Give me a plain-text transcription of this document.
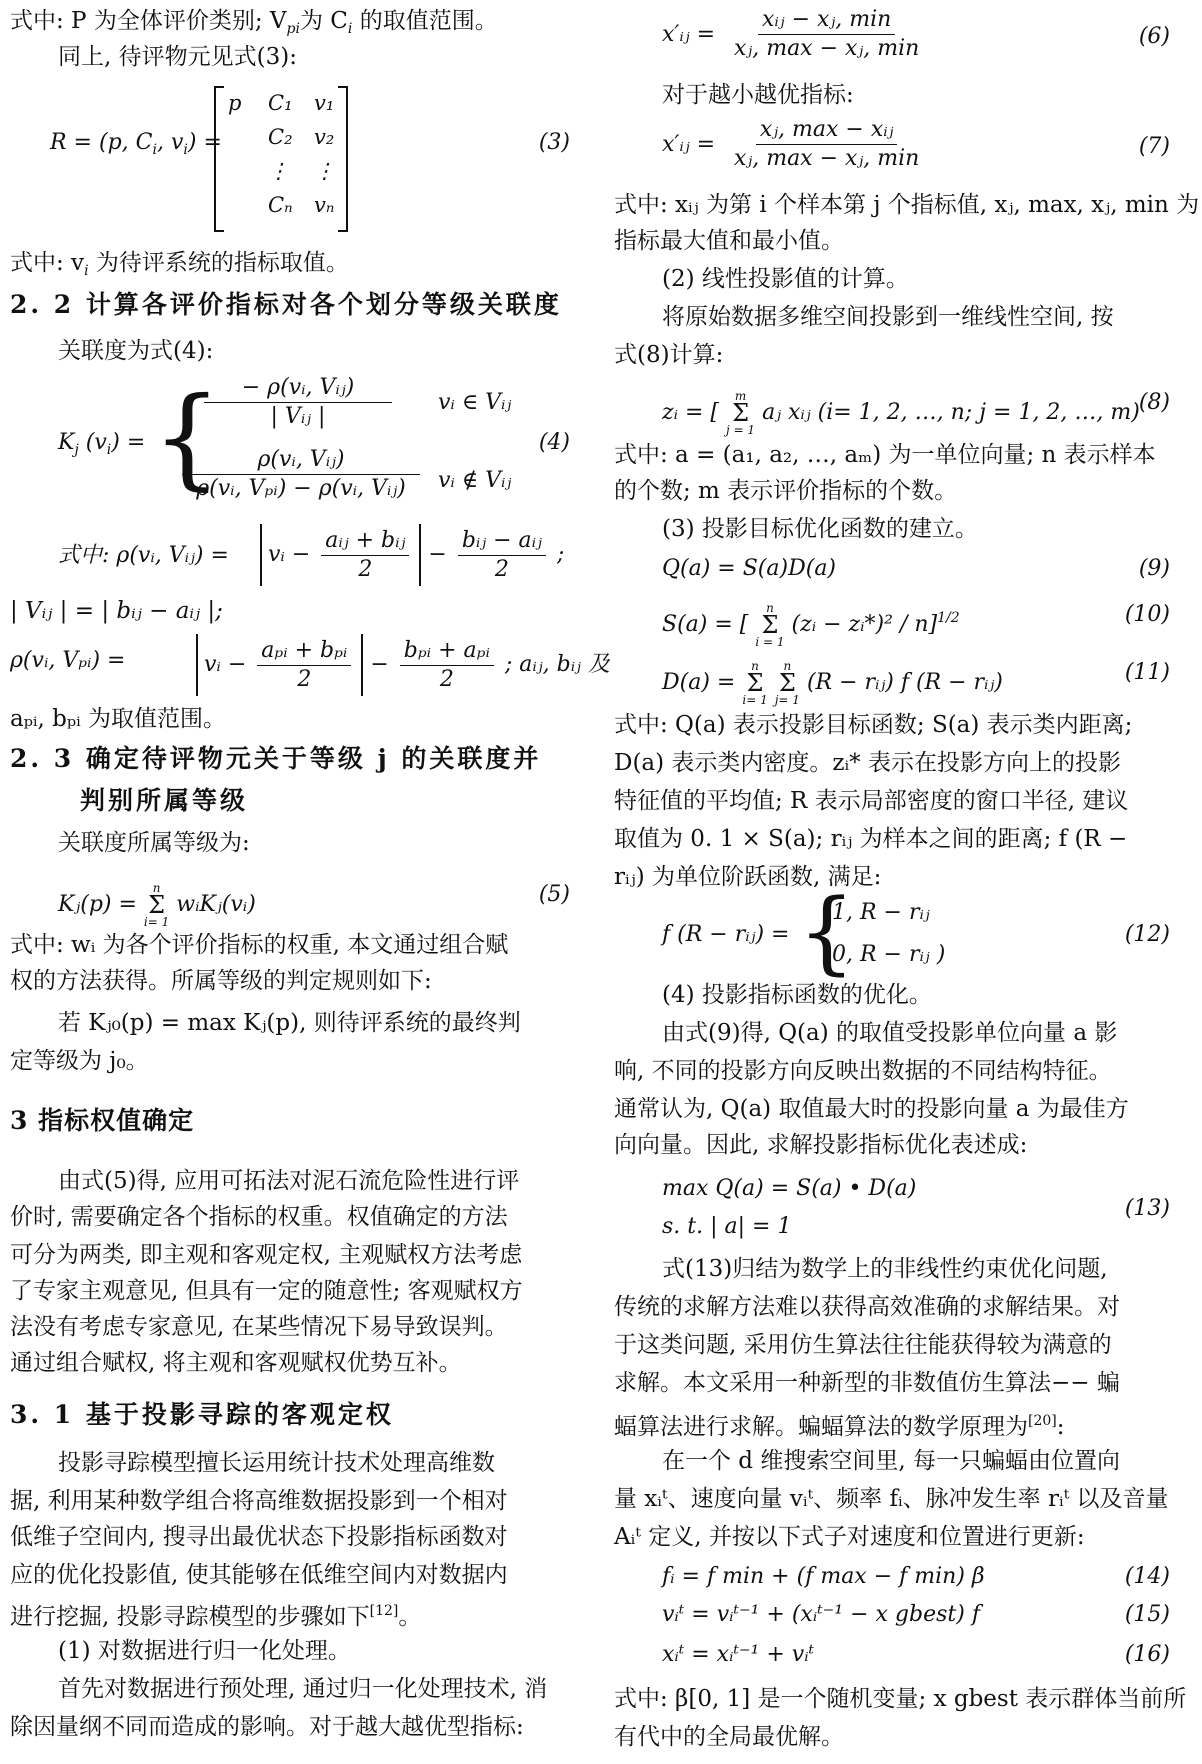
式中: P 为全体评价类别; $V_{pi}$为 $C_i$ 的取值范围。
同上, 待评物元见式(3):
R = (p, $C_i$, $v_i$) =	(3)
p	C₁	v₁
C₂	v₂
⋮	⋮
Cₙ	vₙ
式中: $v_i$ 为待评系统的指标取值。
2. 2 计算各评价指标对各个划分等级关联度
关联度为式(4):
$K_j$ $(v_i)$ = { − ρ(vᵢ, Vᵢⱼ)
| Vᵢⱼ |
vᵢ ∈ Vᵢⱼ
ρ(vᵢ, Vᵢⱼ)
ρ(vᵢ, Vₚᵢ) − ρ(vᵢ, Vᵢⱼ) vᵢ ∉ Vᵢⱼ
(4)
式中: ρ(vᵢ, Vᵢⱼ) =	vᵢ − $\frac{\text{aᵢⱼ + bᵢⱼ}}{2} - \frac{\text{bᵢⱼ − aᵢⱼ}}{2}$ ;
| Vᵢⱼ | = | bᵢⱼ − aᵢⱼ |;
ρ(vᵢ, Vₚᵢ) =	vᵢ − $\frac{\text{aₚᵢ + bₚᵢ}}{2} - \frac{\text{bₚᵢ + aₚᵢ}}{2}$ ; aᵢⱼ, bᵢⱼ 及
aₚᵢ, bₚᵢ 为取值范围。
2. 3 确定待评物元关于等级 j 的关联度并
判别所属等级
关联度所属等级为:
Kⱼ(p) =
n
Σ
i= 1
wᵢKⱼ(vᵢ)	(5)
式中: wᵢ 为各个评价指标的权重, 本文通过组合赋
权的方法获得。所属等级的判定规则如下:
若 Kⱼ₀(p) = max Kⱼ(p), 则待评系统的最终判
定等级为 j₀。
3 指标权值确定
由式(5)得, 应用可拓法对泥石流危险性进行评
价时, 需要确定各个指标的权重。权值确定的方法
可分为两类, 即主观和客观定权, 主观赋权方法考虑
了专家主观意见, 但具有一定的随意性; 客观赋权方
法没有考虑专家意见, 在某些情况下易导致误判。
通过组合赋权, 将主观和客观赋权优势互补。
3. 1 基于投影寻踪的客观定权
投影寻踪模型擅长运用统计技术处理高维数
据, 利用某种数学组合将高维数据投影到一个相对
低维子空间内, 搜寻出最优状态下投影指标函数对
应的优化投影值, 使其能够在低维空间内对数据内
进行挖掘, 投影寻踪模型的步骤如下[12]。
(1) 对数据进行归一化处理。
首先对数据进行预处理, 通过归一化处理技术, 消
除因量纲不同而造成的影响。对于越大越优型指标:
x′ᵢⱼ =
xᵢⱼ − xⱼ, min
xⱼ, max − xⱼ, min	(6)
对于越小越优指标:
x′ᵢⱼ =
xⱼ, max − xᵢⱼ
xⱼ, max − xⱼ, min	(7)
式中: xᵢⱼ 为第 i 个样本第 j 个指标值, xⱼ, max, xⱼ, min 为
指标最大值和最小值。
(2) 线性投影值的计算。
将原始数据多维空间投影到一维线性空间, 按
式(8)计算:
zᵢ = [
m
Σ
j = 1
aⱼ xᵢⱼ (i= 1, 2, …, n; j = 1, 2, …, m)
(8)
式中: a = (a₁, a₂, …, aₘ) 为一单位向量; n 表示样本
的个数; m 表示评价指标的个数。
(3) 投影目标优化函数的建立。
Q(a) = S(a)D(a)	(9)
S(a) = [
n
Σ
i = 1
(zᵢ − zᵢ*)² / n]$^{1/2}$	(10)
D(a) =
n
Σ
i= 1

n
Σ
j= 1
(R − rᵢⱼ) f (R − rᵢⱼ)	(11)
式中: Q(a) 表示投影目标函数; S(a) 表示类内距离;
D(a) 表示类内密度。zᵢ* 表示在投影方向上的投影
特征值的平均值; R 表示局部密度的窗口半径, 建议
取值为 0. 1 × S(a); rᵢⱼ 为样本之间的距离; f (R −
rᵢⱼ) 为单位阶跃函数, 满足:
f (R − rᵢⱼ) = {
1, R − rᵢⱼ
0, R − rᵢⱼ )
(12)
(4) 投影指标函数的优化。
由式(9)得, Q(a) 的取值受投影单位向量 a 影
响, 不同的投影方向反映出数据的不同结构特征。
通常认为, Q(a) 取值最大时的投影向量 a 为最佳方
向向量。因此, 求解投影指标优化表述成:
max Q(a) = S(a) • D(a)
s. t. | a| = 1
(13)
式(13)归结为数学上的非线性约束优化问题,
传统的求解方法难以获得高效准确的求解结果。对
于这类问题, 采用仿生算法往往能获得较为满意的
求解。本文采用一种新型的非数值仿生算法−− 蝙
蝠算法进行求解。蝙蝠算法的数学原理为[20]:
在一个 d 维搜索空间里, 每一只蝙蝠由位置向
量 xᵢᵗ、速度向量 vᵢᵗ、频率 fᵢ、脉冲发生率 rᵢᵗ 以及音量
Aᵢᵗ 定义, 并按以下式子对速度和位置进行更新:
fᵢ = f min + (f max − f min) β	(14)
vᵢᵗ = vᵢᵗ⁻¹ + (xᵢᵗ⁻¹ − x gbest) f	(15)
xᵢᵗ = xᵢᵗ⁻¹ + vᵢᵗ	(16)
式中: β[0, 1] 是一个随机变量; x gbest 表示群体当前所
有代中的全局最优解。
